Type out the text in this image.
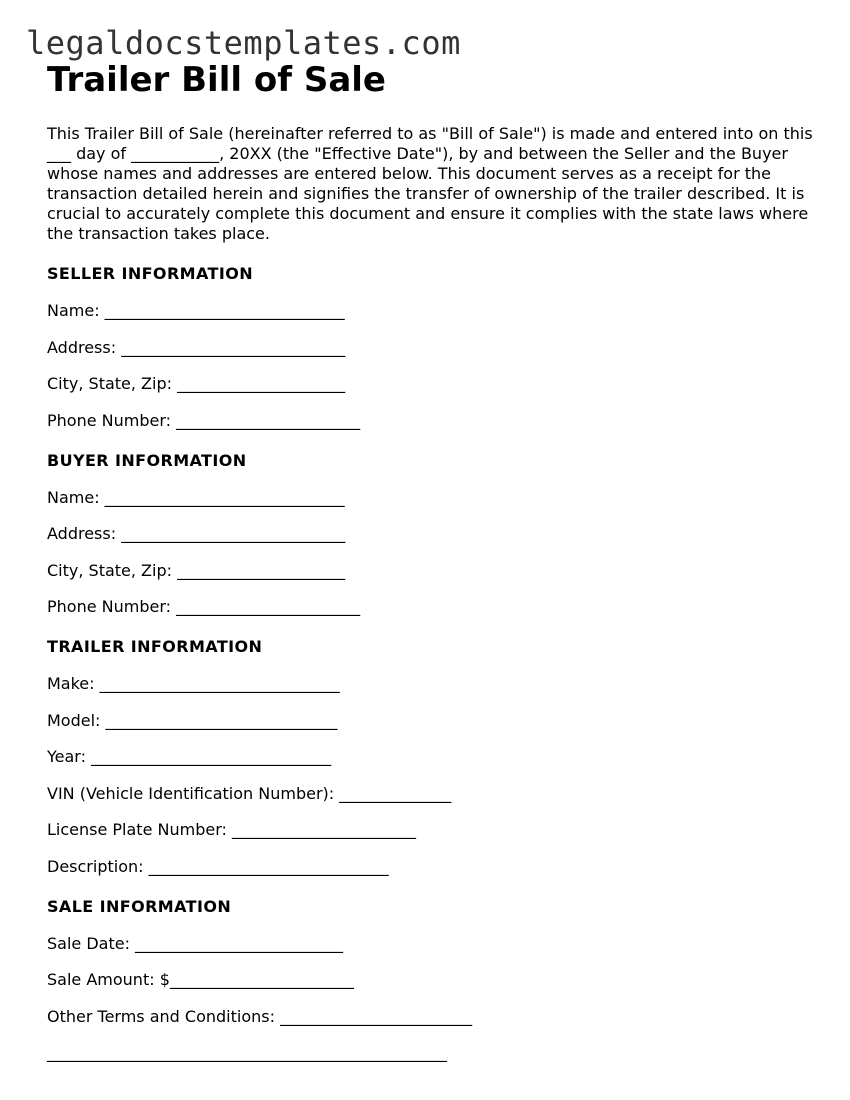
legaldocstemplates.com
Trailer Bill of Sale

This Trailer Bill of Sale (hereinafter referred to as "Bill of Sale") is made and entered into on this ___ day of ___________, 20XX (the "Effective Date"), by and between the Seller and the Buyer whose names and addresses are entered below. This document serves as a receipt for the transaction detailed herein and signifies the transfer of ownership of the trailer described. It is crucial to accurately complete this document and ensure it complies with the state laws where the transaction takes place.

SELLER INFORMATION
Name: ______________________________
Address: ____________________________
City, State, Zip: _____________________
Phone Number: _______________________
BUYER INFORMATION
Name: ______________________________
Address: ____________________________
City, State, Zip: _____________________
Phone Number: _______________________
TRAILER INFORMATION
Make: ______________________________
Model: _____________________________
Year: ______________________________
VIN (Vehicle Identification Number): ______________
License Plate Number: _______________________
Description: ______________________________
SALE INFORMATION
Sale Date: __________________________
Sale Amount: $_______________________
Other Terms and Conditions: ________________________
__________________________________________________
